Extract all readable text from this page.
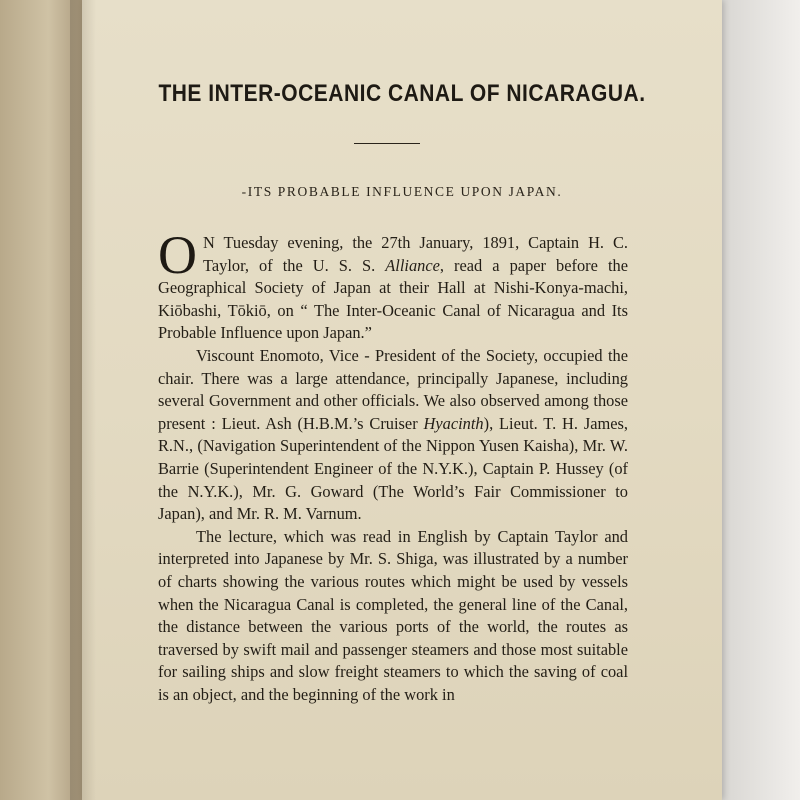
THE INTER-OCEANIC CANAL OF NICARAGUA.
-ITS PROBABLE INFLUENCE UPON JAPAN.

O N Tuesday evening, the 27th January, 1891, Captain H. C. Taylor, of the U. S. S. Alliance, read a paper before the Geographical Society of Japan at their Hall at Nishi-Konya-machi, Kiōbashi, Tōkiō, on “ The Inter-Oceanic Canal of Nicaragua and Its Probable Influence upon Japan.”

Viscount Enomoto, Vice - President of the Society, occupied the chair. There was a large attendance, principally Japanese, including several Government and other officials. We also observed among those present : Lieut. Ash (H.B.M.’s Cruiser Hyacinth), Lieut. T. H. James, R.N., (Navigation Superintendent of the Nippon Yusen Kaisha), Mr. W. Barrie (Superintendent Engineer of the N.Y.K.), Captain P. Hussey (of the N.Y.K.), Mr. G. Goward (The World’s Fair Commissioner to Japan), and Mr. R. M. Varnum.

The lecture, which was read in English by Captain Taylor and interpreted into Japanese by Mr. S. Shiga, was illustrated by a number of charts showing the various routes which might be used by vessels when the Nicaragua Canal is completed, the general line of the Canal, the distance between the various ports of the world, the routes as traversed by swift mail and passenger steamers and those most suitable for sailing ships and slow freight steamers to which the saving of coal is an object, and the beginning of the work in
